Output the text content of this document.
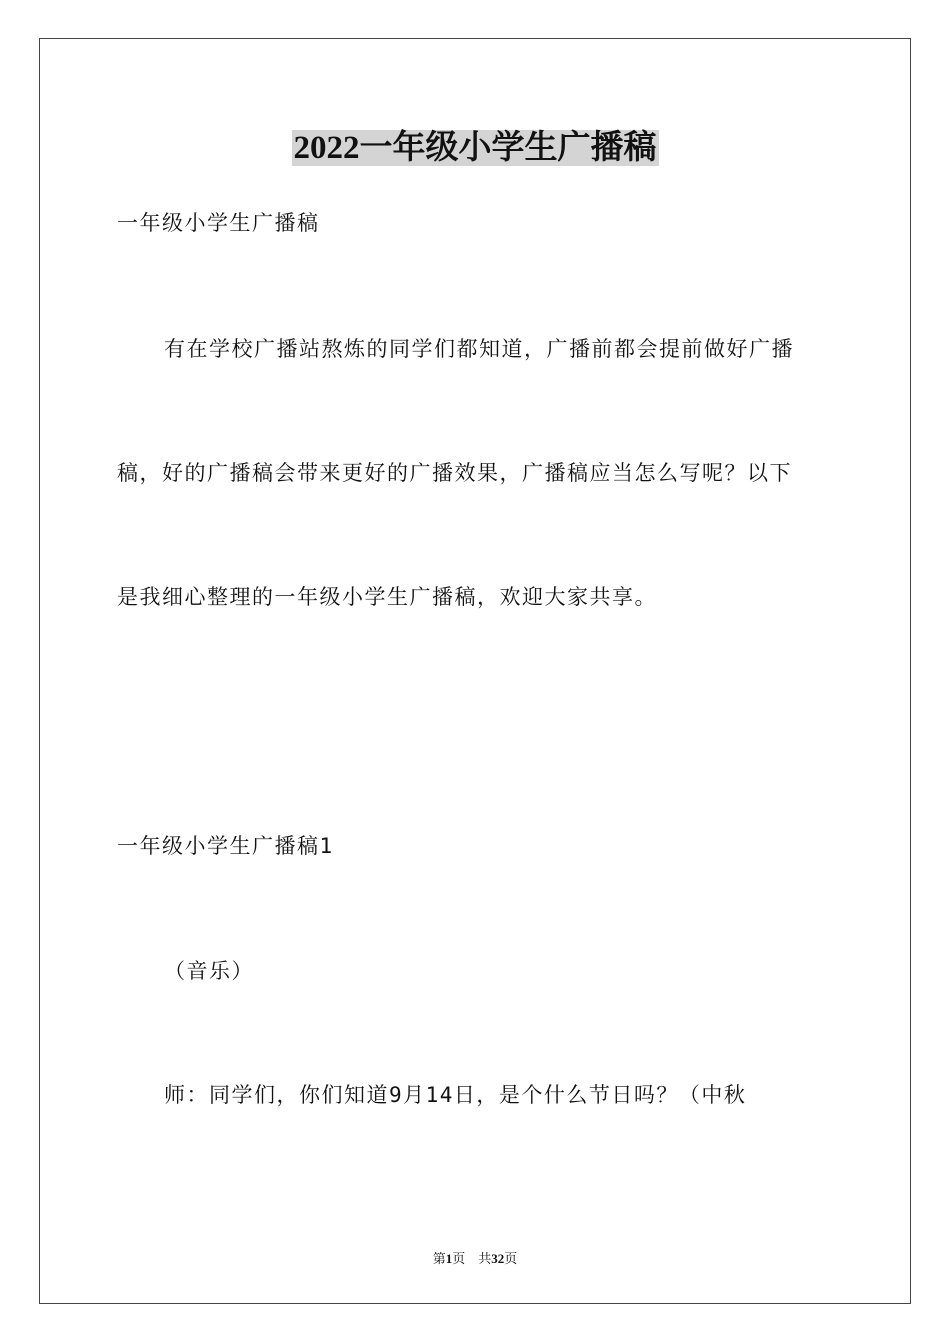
2022一年级小学生广播稿
一年级小学生广播稿
有在学校广播站熬炼的同学们都知道，广播前都会提前做好广播
稿，好的广播稿会带来更好的广播效果，广播稿应当怎么写呢？以下
是我细心整理的一年级小学生广播稿，欢迎大家共享。
一年级小学生广播稿1
（音乐）
师：同学们，你们知道9月14日，是个什么节日吗？（中秋
第1页　共32页
